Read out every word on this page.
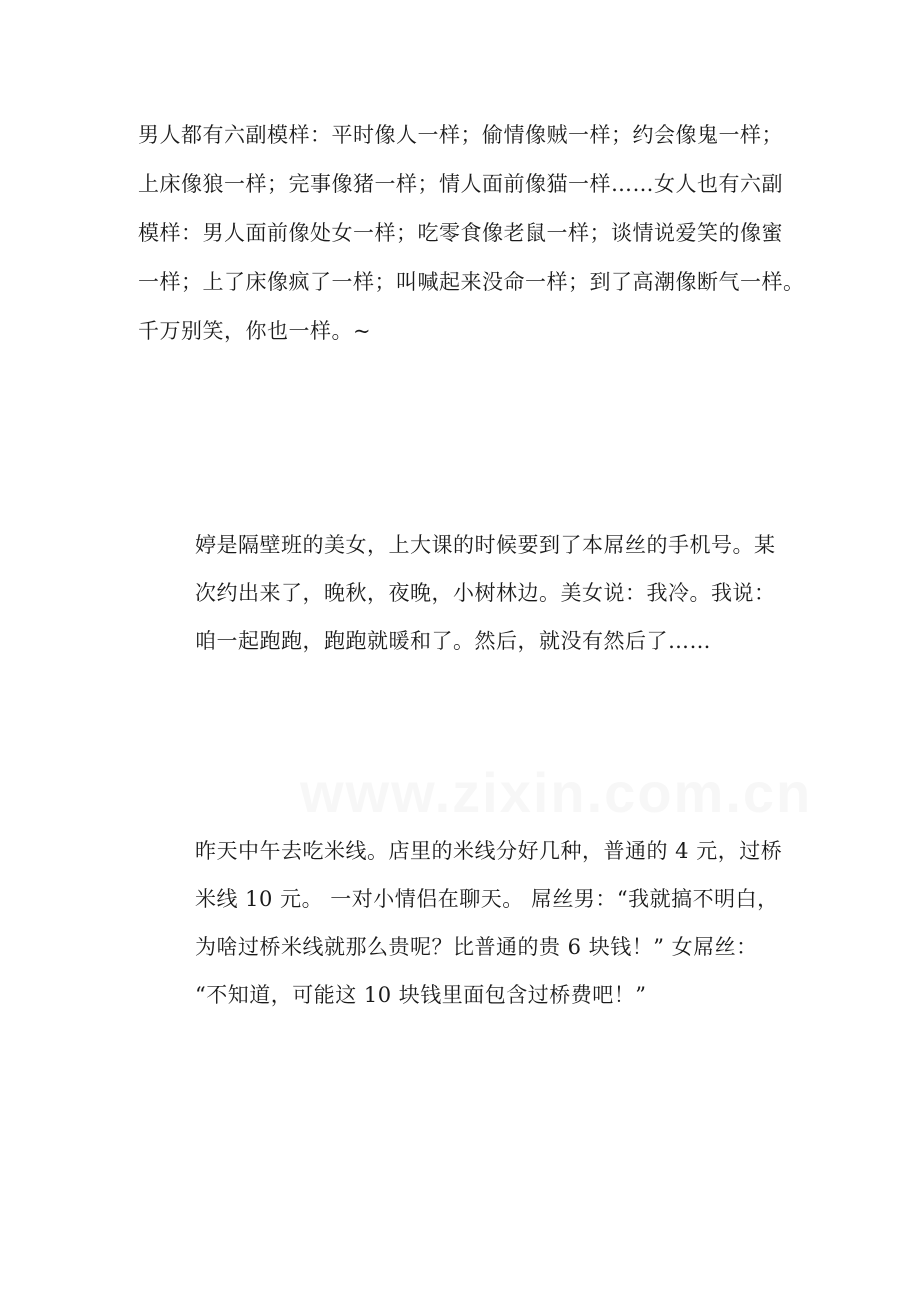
www.zixin.com.cn
男人都有六副模样：平时像人一样；偷情像贼一样；约会像鬼一样；
上床像狼一样；完事像猪一样；情人面前像猫一样……女人也有六副
模样：男人面前像处女一样；吃零食像老鼠一样；谈情说爱笑的像蜜
一样；上了床像疯了一样；叫喊起来没命一样；到了高潮像断气一样。
千万别笑，你也一样。~
婷是隔壁班的美女，上大课的时候要到了本屌丝的手机号。某
次约出来了，晚秋，夜晚，小树林边。美女说：我冷。我说：
咱一起跑跑，跑跑就暖和了。然后，就没有然后了……
昨天中午去吃米线。店里的米线分好几种，普通的 4 元，过桥
米线 10 元。 一对小情侣在聊天。 屌丝男：“我就搞不明白，
为啥过桥米线就那么贵呢？比普通的贵 6 块钱！” 女屌丝：
“不知道，可能这 10 块钱里面包含过桥费吧！”
